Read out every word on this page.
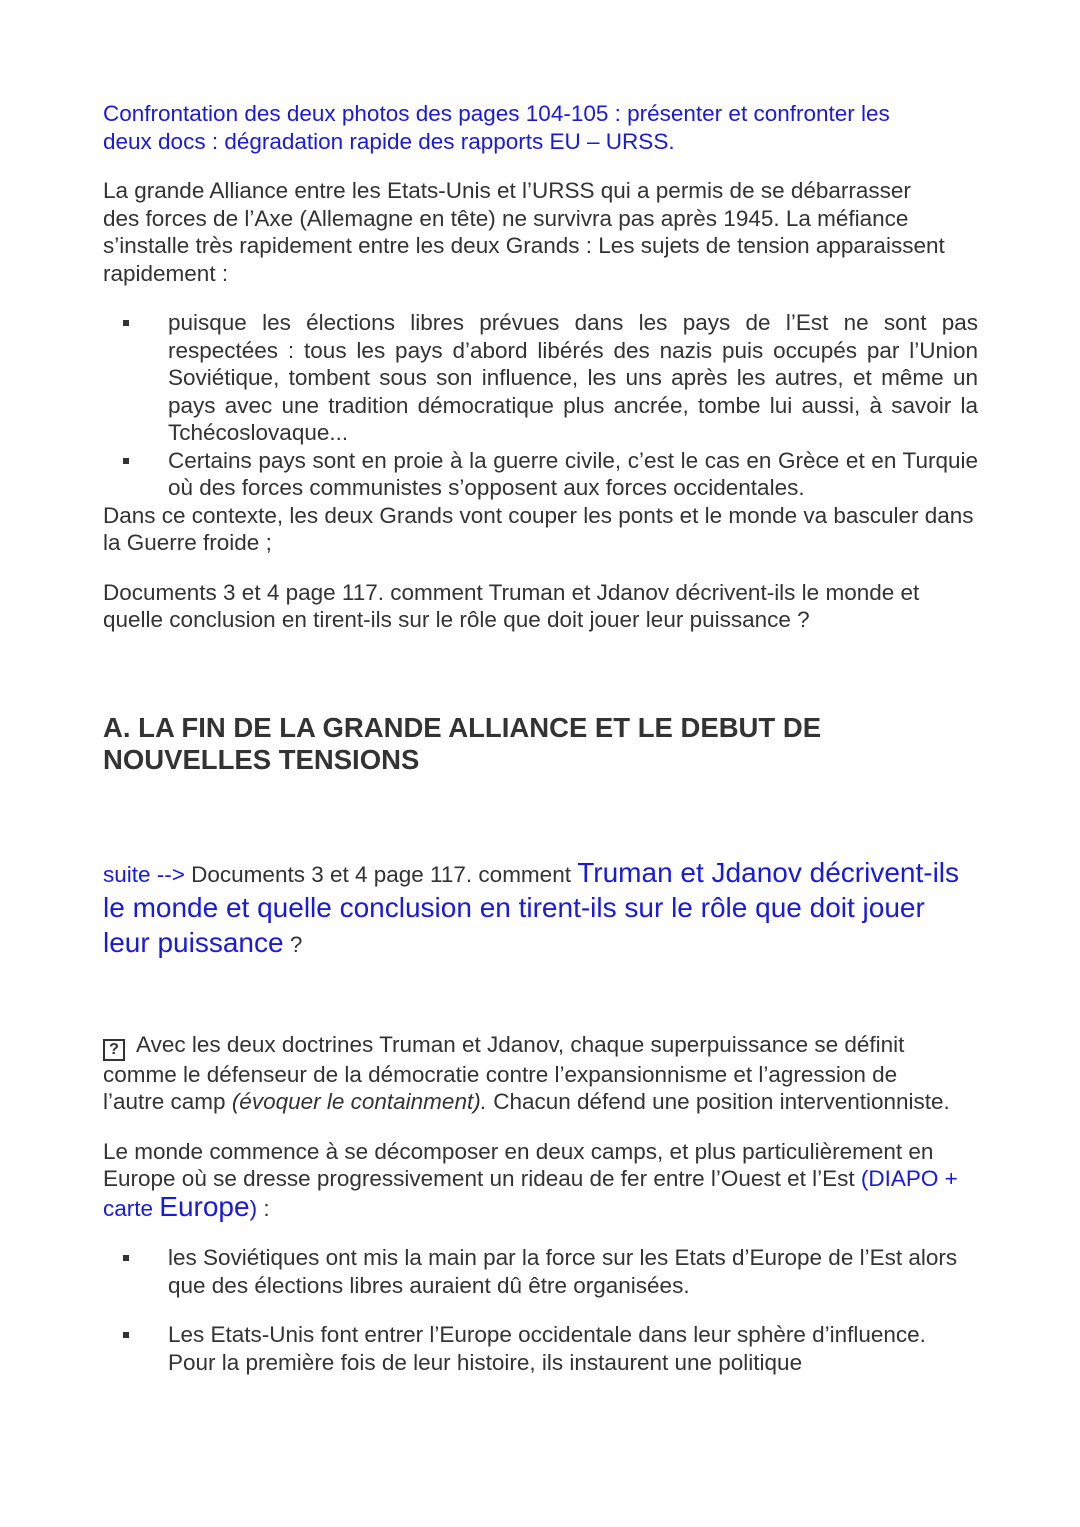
Confrontation des deux photos des pages 104-105 : présenter et confronter les deux docs : dégradation rapide des rapports EU – URSS.

La grande Alliance entre les Etats-Unis et l’URSS qui a permis de se débarrasser des forces de l’Axe (Allemagne en tête) ne survivra pas après 1945. La méfiance s’installe très rapidement entre les deux Grands : Les sujets de tension apparaissent rapidement :

puisque les élections libres prévues dans les pays de l’Est ne sont pas respectées : tous les pays d’abord libérés des nazis puis occupés par l’Union Soviétique, tombent sous son influence, les uns après les autres, et même un pays avec une tradition démocratique plus ancrée, tombe lui aussi, à savoir la Tchécoslovaque...
Certains pays sont en proie à la guerre civile, c’est le cas en Grèce et en Turquie où des forces communistes s’opposent aux forces occidentales.

Dans ce contexte, les deux Grands vont couper les ponts et le monde va basculer dans la Guerre froide ;

Documents 3 et 4 page 117. comment Truman et Jdanov décrivent-ils le monde et quelle conclusion en tirent-ils sur le rôle que doit jouer leur puissance ?

A. LA FIN DE LA GRANDE ALLIANCE ET LE DEBUT DE NOUVELLES TENSIONS

suite --> Documents 3 et 4 page 117. comment Truman et Jdanov décrivent-ils le monde et quelle conclusion en tirent-ils sur le rôle que doit jouer leur puissance ?

? Avec les deux doctrines Truman et Jdanov, chaque superpuissance se définit comme le défenseur de la démocratie contre l’expansionnisme et l’agression de l’autre camp (évoquer le containment). Chacun défend une position interventionniste.

Le monde commence à se décomposer en deux camps, et plus particulièrement en Europe où se dresse progressivement un rideau de fer entre l’Ouest et l’Est (DIAPO + carte Europe) :

les Soviétiques ont mis la main par la force sur les Etats d’Europe de l’Est alors que des élections libres auraient dû être organisées.
Les Etats-Unis font entrer l’Europe occidentale dans leur sphère d’influence. Pour la première fois de leur histoire, ils instaurent une politique
